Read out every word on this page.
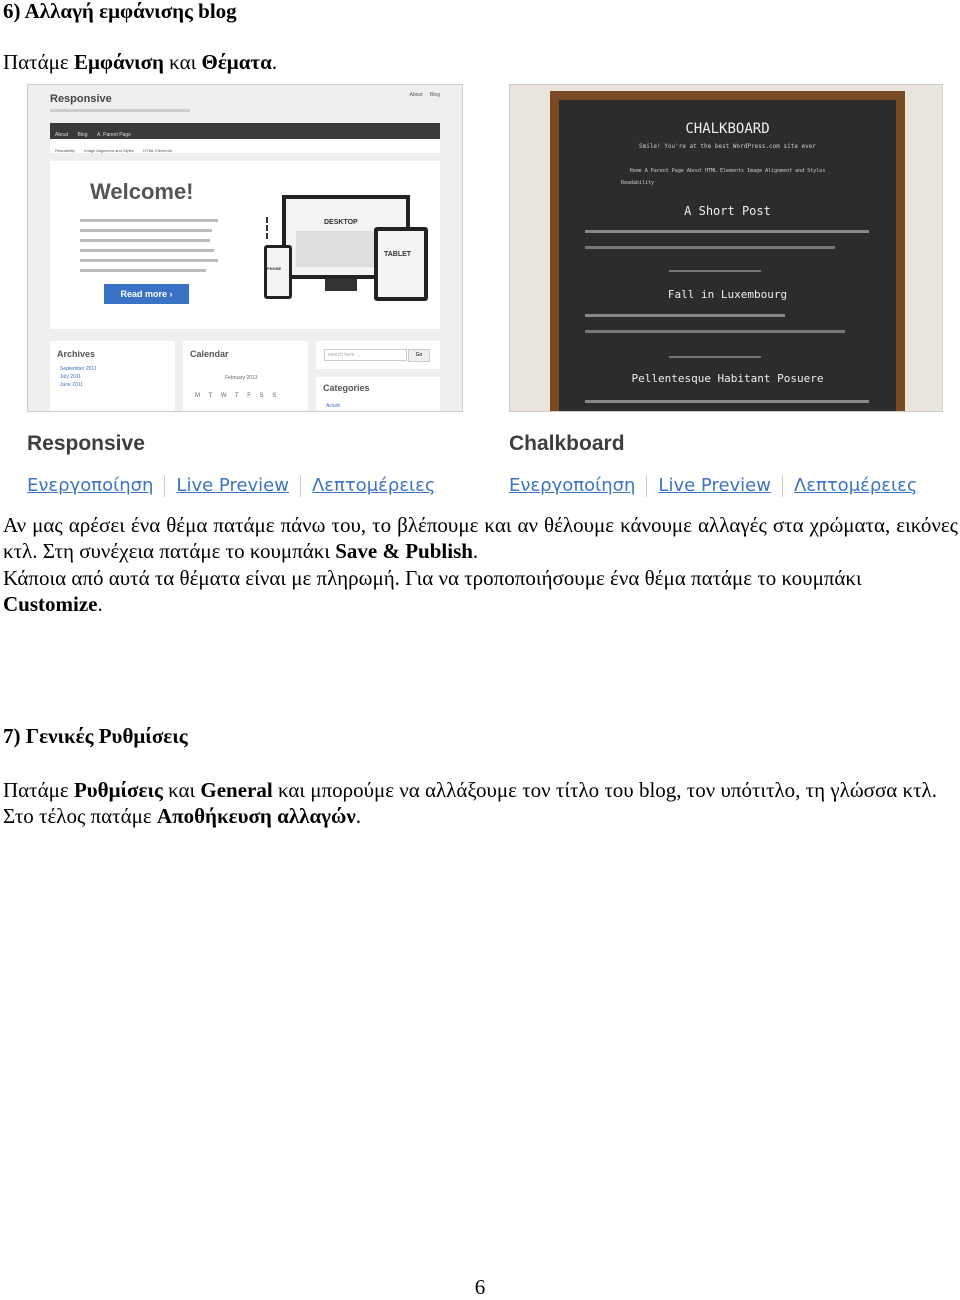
6) Αλλαγή εμφάνισης blog
Πατάμε Εμφάνιση και Θέματα.
Responsive	About Blog
About Blog A. Parent Page
Readability Image Alignment and Styles HTML Elements
Welcome!
Read more ›
DESKTOP
TABLET
PHONE
Archives
September 2011
July 2011
June 2011
Calendar
February 2013
M T W T F S S
search here ...	Go
Categories
Aciurb
CHALKBOARD
Smile! You're at the best WordPress.com site ever
Home A Parent Page About HTML Elements Image Alignment and Styles
Readability
A Short Post
Fall in Luxembourg
Pellentesque Habitant Posuere
Responsive
Ενεργοποίηση Live Preview Λεπτομέρειες
Chalkboard
Ενεργοποίηση Live Preview Λεπτομέρειες
Αν μας αρέσει ένα θέμα πατάμε πάνω του, το βλέπουμε και αν θέλουμε κάνουμε αλλαγές στα χρώματα, εικόνες κτλ. Στη συνέχεια πατάμε το κουμπάκι Save & Publish.
Κάποια από αυτά τα θέματα είναι με πληρωμή. Για να τροποποιήσουμε ένα θέμα πατάμε το κουμπάκι Customize.
7) Γενικές Ρυθμίσεις
Πατάμε Ρυθμίσεις και General και μπορούμε να αλλάξουμε τον τίτλο του blog, τον υπότιτλο, τη γλώσσα κτλ. Στο τέλος πατάμε Αποθήκευση αλλαγών.
6
